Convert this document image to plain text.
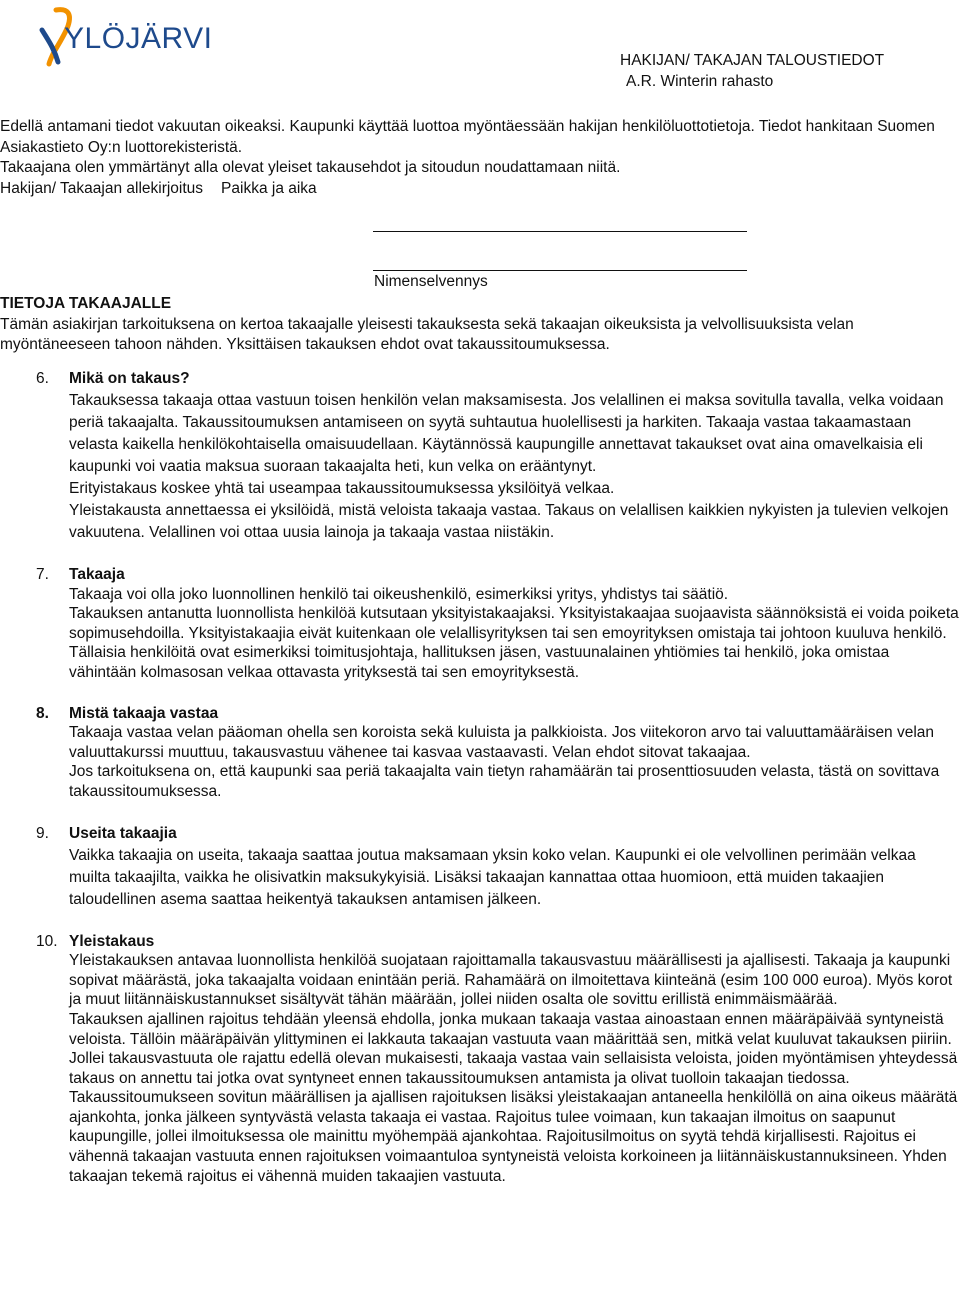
YLÖJÄRVI
HAKIJAN/ TAKAJAN TALOUSTIEDOT
A.R. Winterin rahasto

Edellä antamani tiedot vakuutan oikeaksi. Kaupunki käyttää luottoa myöntäessään hakijan henkilöluottotietoja. Tiedot hankitaan Suomen Asiakastieto Oy:n luottorekisteristä.

Takaajana olen ymmärtänyt alla olevat yleiset takausehdot ja sitoudun noudattamaan niitä.

Hakijan/ Takaajan allekirjoitus Paikka ja aika

Nimenselvennys
TIETOJA TAKAAJALLE

Tämän asiakirjan tarkoituksena on kertoa takaajalle yleisesti takauksesta sekä takaajan oikeuksista ja velvollisuuksista velan myöntäneeseen tahoon nähden. Yksittäisen takauksen ehdot ovat takaussitoumuksessa.

6. Mikä on takaus?

Takauksessa takaaja ottaa vastuun toisen henkilön velan maksamisesta. Jos velallinen ei maksa sovitulla tavalla, velka voidaan periä takaajalta. Takaussitoumuksen antamiseen on syytä suhtautua huolellisesti ja harkiten. Takaaja vastaa takaamastaan velasta kaikella henkilökohtaisella omaisuudellaan. Käytännössä kaupungille annettavat takaukset ovat aina omavelkaisia eli kaupunki voi vaatia maksua suoraan takaajalta heti, kun velka on erääntynyt.

Erityistakaus koskee yhtä tai useampaa takaussitoumuksessa yksilöityä velkaa.

Yleistakausta annettaessa ei yksilöidä, mistä veloista takaaja vastaa. Takaus on velallisen kaikkien nykyisten ja tulevien velkojen vakuutena. Velallinen voi ottaa uusia lainoja ja takaaja vastaa niistäkin.

7. Takaaja

Takaaja voi olla joko luonnollinen henkilö tai oikeushenkilö, esimerkiksi yritys, yhdistys tai säätiö.

Takauksen antanutta luonnollista henkilöä kutsutaan yksityistakaajaksi. Yksityistakaajaa suojaavista säännöksistä ei voida poiketa sopimusehdoilla. Yksityistakaajia eivät kuitenkaan ole velallisyrityksen tai sen emoyrityksen omistaja tai johtoon kuuluva henkilö. Tällaisia henkilöitä ovat esimerkiksi toimitusjohtaja, hallituksen jäsen, vastuunalainen yhtiömies tai henkilö, joka omistaa vähintään kolmasosan velkaa ottavasta yrityksestä tai sen emoyrityksestä.

8. Mistä takaaja vastaa

Takaaja vastaa velan pääoman ohella sen koroista sekä kuluista ja palkkioista. Jos viitekoron arvo tai valuuttamääräisen velan valuuttakurssi muuttuu, takausvastuu vähenee tai kasvaa vastaavasti. Velan ehdot sitovat takaajaa.

Jos tarkoituksena on, että kaupunki saa periä takaajalta vain tietyn rahamäärän tai prosenttiosuuden velasta, tästä on sovittava takaussitoumuksessa.

9. Useita takaajia

Vaikka takaajia on useita, takaaja saattaa joutua maksamaan yksin koko velan. Kaupunki ei ole velvollinen perimään velkaa muilta takaajilta, vaikka he olisivatkin maksukykyisiä. Lisäksi takaajan kannattaa ottaa huomioon, että muiden takaajien taloudellinen asema saattaa heikentyä takauksen antamisen jälkeen.

10. Yleistakaus

Yleistakauksen antavaa luonnollista henkilöä suojataan rajoittamalla takausvastuu määrällisesti ja ajallisesti. Takaaja ja kaupunki sopivat määrästä, joka takaajalta voidaan enintään periä. Rahamäärä on ilmoitettava kiinteänä (esim 100 000 euroa). Myös korot ja muut liitännäiskustannukset sisältyvät tähän määrään, jollei niiden osalta ole sovittu erillistä enimmäismäärää.

Takauksen ajallinen rajoitus tehdään yleensä ehdolla, jonka mukaan takaaja vastaa ainoastaan ennen määräpäivää syntyneistä veloista. Tällöin määräpäivän ylittyminen ei lakkauta takaajan vastuuta vaan määrittää sen, mitkä velat kuuluvat takauksen piiriin.

Jollei takausvastuuta ole rajattu edellä olevan mukaisesti, takaaja vastaa vain sellaisista veloista, joiden myöntämisen yhteydessä takaus on annettu tai jotka ovat syntyneet ennen takaussitoumuksen antamista ja olivat tuolloin takaajan tiedossa.

Takaussitoumukseen sovitun määrällisen ja ajallisen rajoituksen lisäksi yleistakaajan antaneella henkilöllä on aina oikeus määrätä ajankohta, jonka jälkeen syntyvästä velasta takaaja ei vastaa. Rajoitus tulee voimaan, kun takaajan ilmoitus on saapunut kaupungille, jollei ilmoituksessa ole mainittu myöhempää ajankohtaa. Rajoitusilmoitus on syytä tehdä kirjallisesti. Rajoitus ei vähennä takaajan vastuuta ennen rajoituksen voimaantuloa syntyneistä veloista korkoineen ja liitännäiskustannuksineen. Yhden takaajan tekemä rajoitus ei vähennä muiden takaajien vastuuta.
